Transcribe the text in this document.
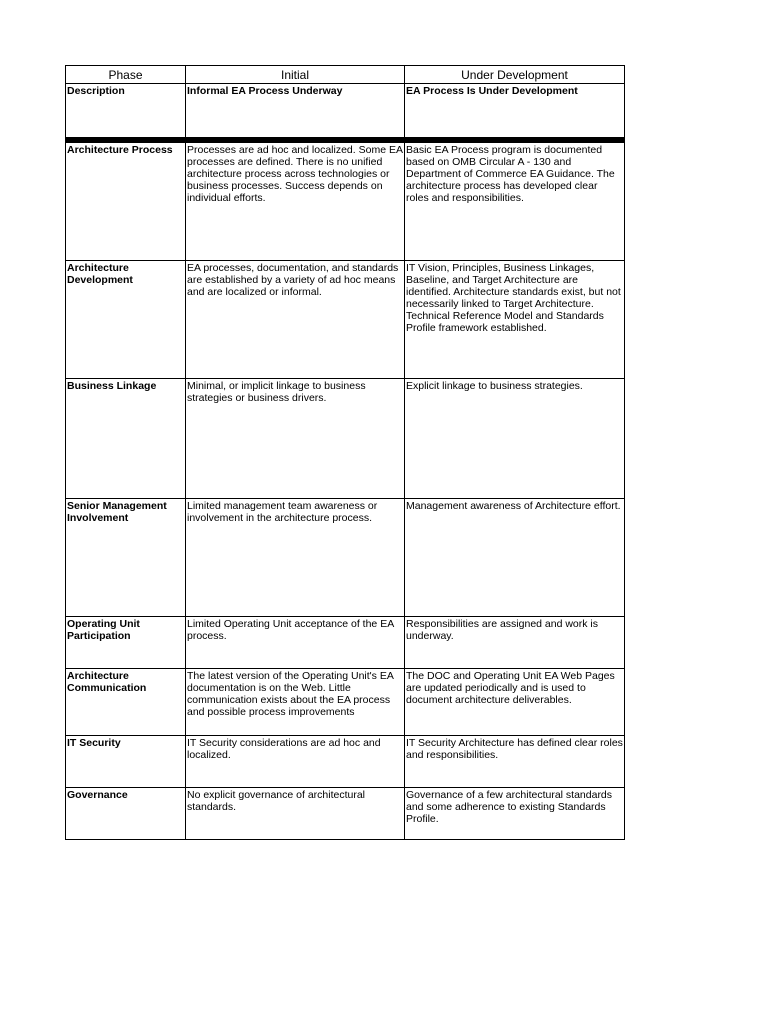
Phase	Initial	Under Development
Description	Informal EA Process Underway	EA Process Is Under Development

Architecture Process	Processes are ad hoc and localized. Some EA processes are defined. There is no unified architecture process across technologies or business processes. Success depends on individual efforts.	Basic EA Process program is documented based on OMB Circular A - 130 and Department of Commerce EA Guidance. The architecture process has developed clear roles and responsibilities.
Architecture Development	EA processes, documentation, and standards are established by a variety of ad hoc means and are localized or informal.	IT Vision, Principles, Business Linkages, Baseline, and Target Architecture are identified. Architecture standards exist, but not necessarily linked to Target Architecture. Technical Reference Model and Standards Profile framework established.
Business Linkage	Minimal, or implicit linkage to business strategies or business drivers.	Explicit linkage to business strategies.
Senior Management Involvement	Limited management team awareness or involvement in the architecture process.	Management awareness of Architecture effort.
Operating Unit Participation	Limited Operating Unit acceptance of the EA process.	Responsibilities are assigned and work is underway.
Architecture Communication	The latest version of the Operating Unit's EA documentation is on the Web. Little communication exists about the EA process and possible process improvements	The DOC and Operating Unit EA Web Pages are updated periodically and is used to document architecture deliverables.
IT Security	IT Security considerations are ad hoc and localized.	IT Security Architecture has defined clear roles and responsibilities.
Governance	No explicit governance of architectural standards.	Governance of a few architectural standards and some adherence to existing Standards Profile.
